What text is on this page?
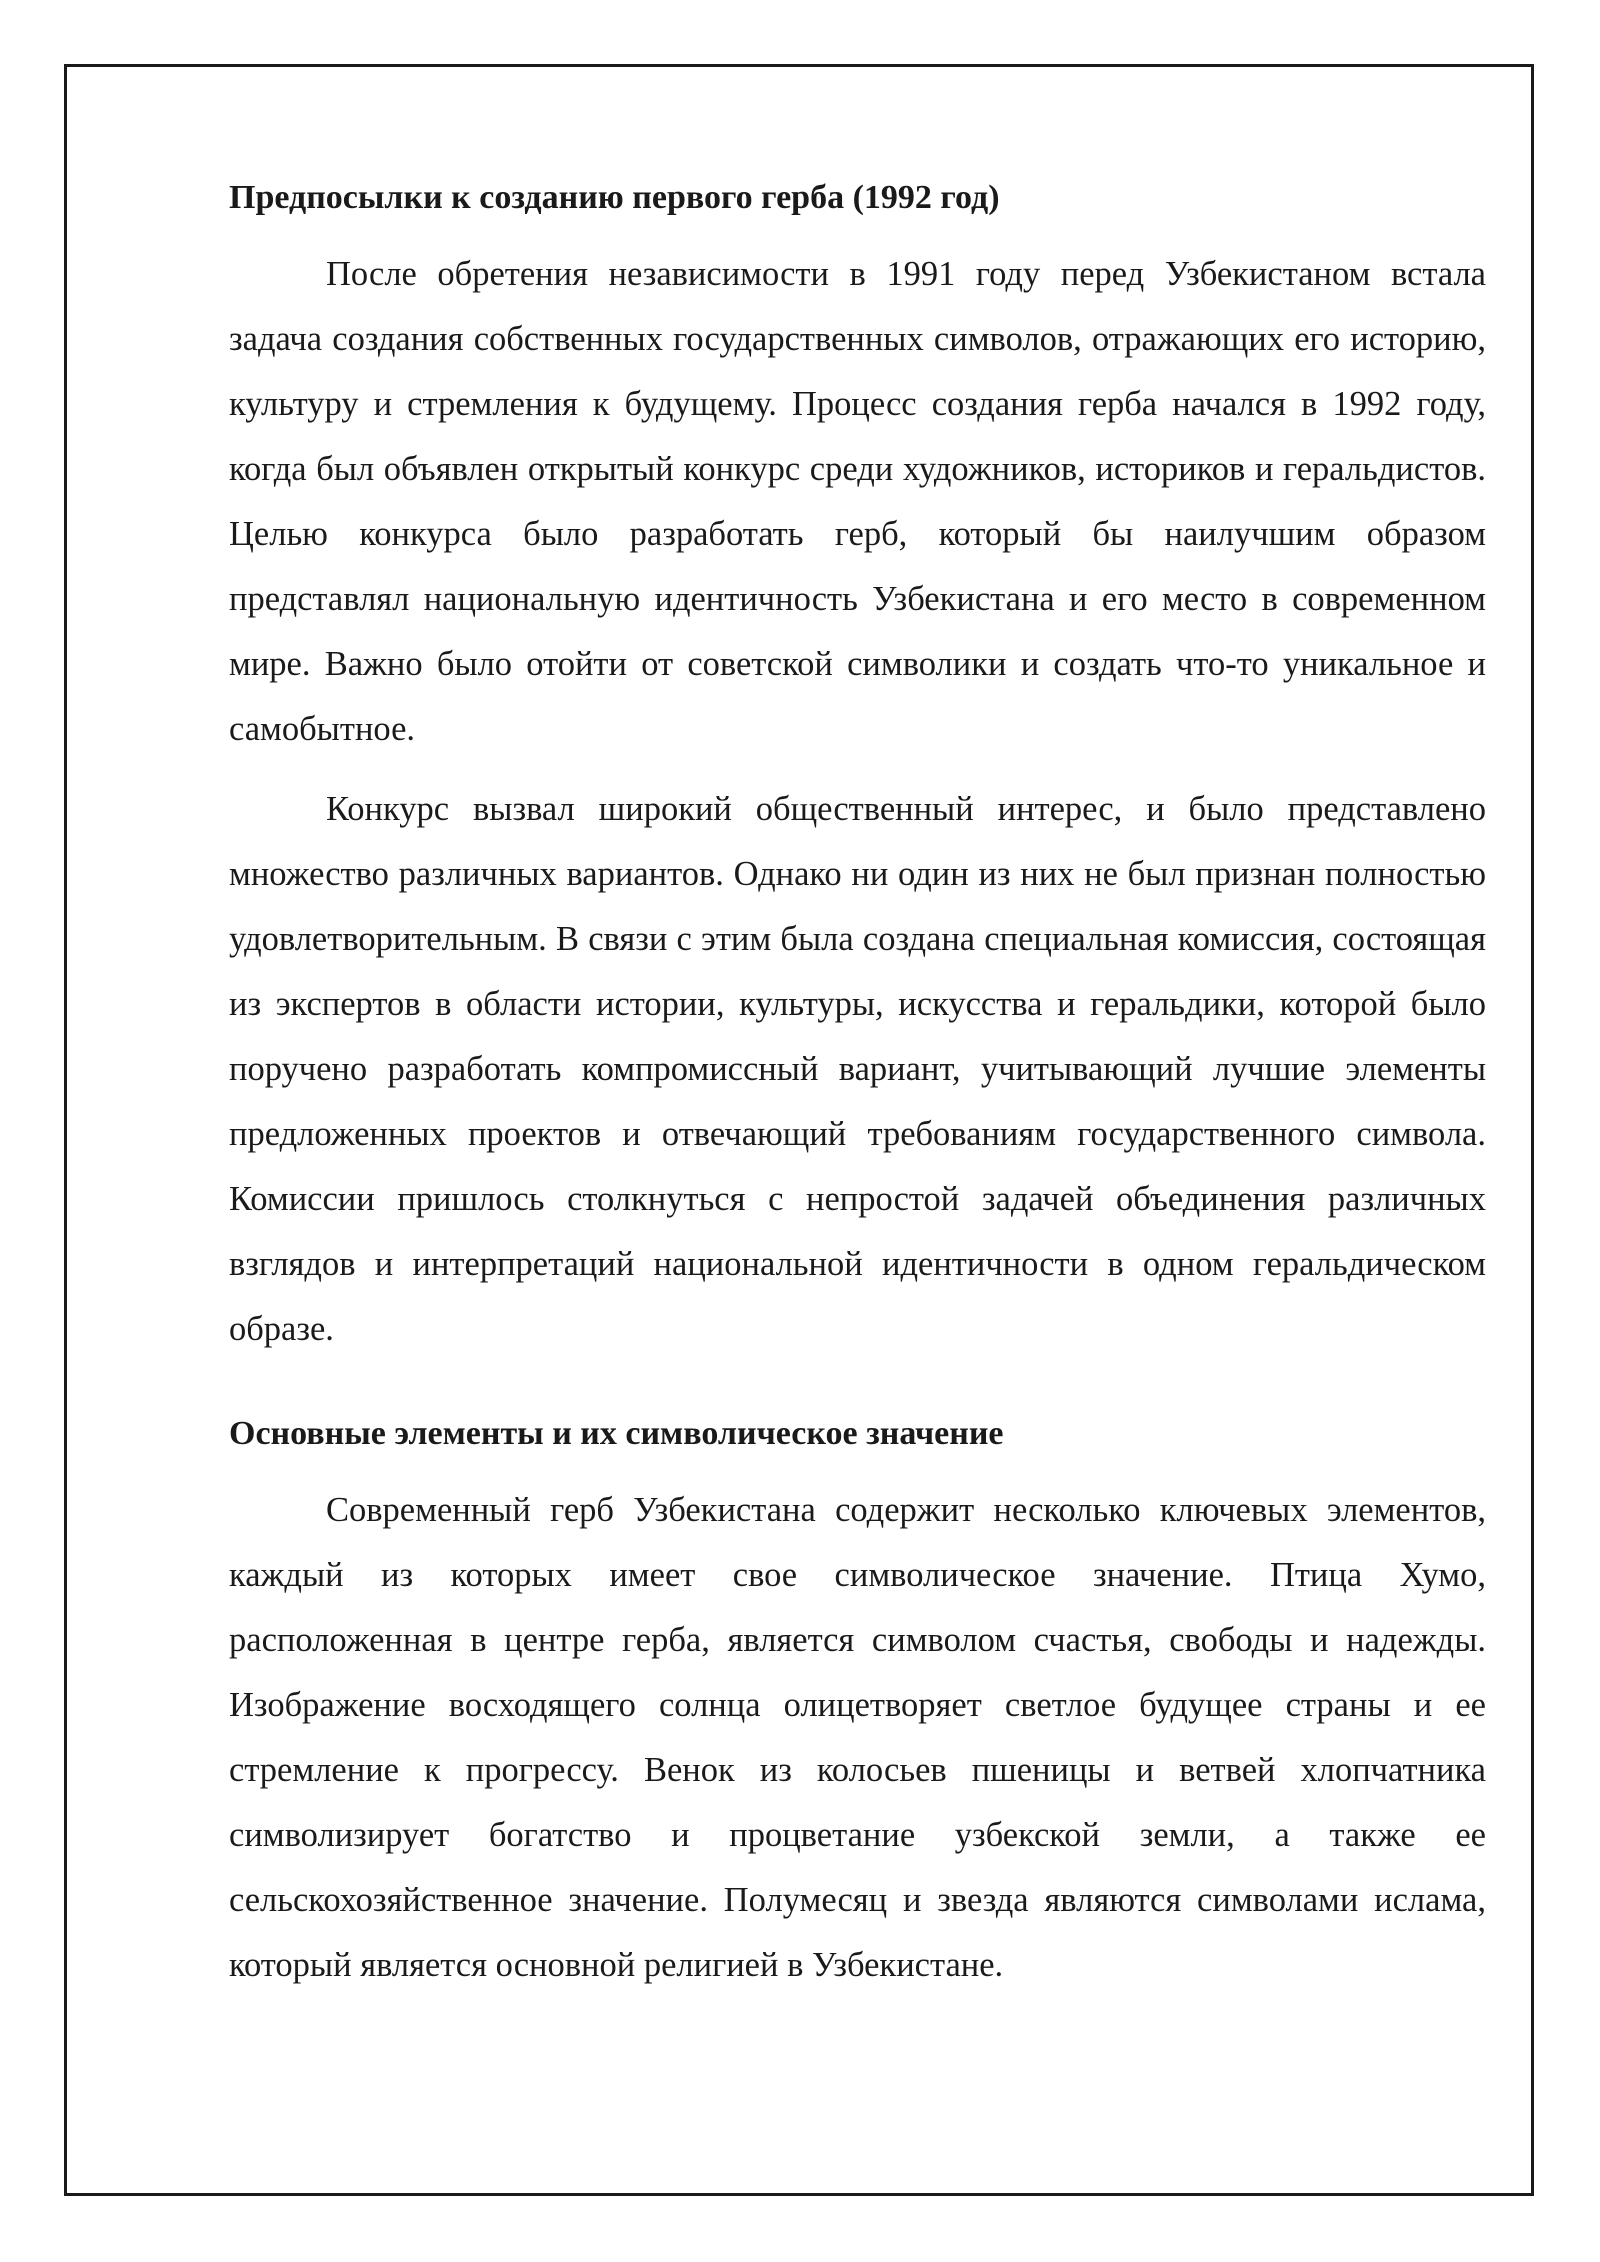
Предпосылки к созданию первого герба (1992 год)

После обретения независимости в 1991 году перед Узбекистаном встала задача создания собственных государственных символов, отражающих его историю, культуру и стремления к будущему. Процесс создания герба начался в 1992 году, когда был объявлен открытый конкурс среди художников, историков и геральдистов. Целью конкурса было разработать герб, который бы наилучшим образом представлял национальную идентичность Узбекистана и его место в современном мире. Важно было отойти от советской символики и создать что-то уникальное и самобытное.

Конкурс вызвал широкий общественный интерес, и было представлено множество различных вариантов. Однако ни один из них не был признан полностью удовлетворительным. В связи с этим была создана специальная комиссия, состоящая из экспертов в области истории, культуры, искусства и геральдики, которой было поручено разработать компромиссный вариант, учитывающий лучшие элементы предложенных проектов и отвечающий требованиям государственного символа. Комиссии пришлось столкнуться с непростой задачей объединения различных взглядов и интерпретаций национальной идентичности в одном геральдическом образе.

Основные элементы и их символическое значение

Современный герб Узбекистана содержит несколько ключевых элементов, каждый из которых имеет свое символическое значение. Птица Хумо, расположенная в центре герба, является символом счастья, свободы и надежды. Изображение восходящего солнца олицетворяет светлое будущее страны и ее стремление к прогрессу. Венок из колосьев пшеницы и ветвей хлопчатника символизирует богатство и процветание узбекской земли, а также ее сельскохозяйственное значение. Полумесяц и звезда являются символами ислама, который является основной религией в Узбекистане.
